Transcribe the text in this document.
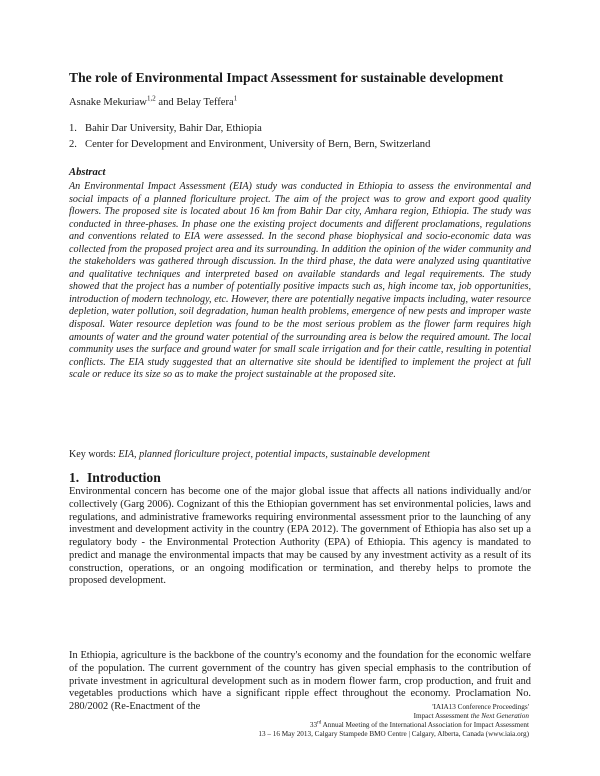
The role of Environmental Impact Assessment for sustainable development
Asnake Mekuriaw$^{1,2}$ and Belay Teffera$^1$
1. Bahir Dar University, Bahir Dar, Ethiopia
2. Center for Development and Environment, University of Bern, Bern, Switzerland
Abstract

An Environmental Impact Assessment (EIA) study was conducted in Ethiopia to assess the environmental and social impacts of a planned floriculture project. The aim of the project was to grow and export good quality flowers. The proposed site is located about 16 km from Bahir Dar city, Amhara region, Ethiopia. The study was conducted in three-phases. In phase one the existing project documents and different proclamations, regulations and conventions related to EIA were assessed. In the second phase biophysical and socio-economic data was collected from the proposed project area and its surrounding. In addition the opinion of the wider community and the stakeholders was gathered through discussion. In the third phase, the data were analyzed using quantitative and qualitative techniques and interpreted based on available standards and legal requirements. The study showed that the project has a number of potentially positive impacts such as, high income tax, job opportunities, introduction of modern technology, etc. However, there are potentially negative impacts including, water resource depletion, water pollution, soil degradation, human health problems, emergence of new pests and improper waste disposal. Water resource depletion was found to be the most serious problem as the flower farm requires high amounts of water and the ground water potential of the surrounding area is below the required amount. The local community uses the surface and ground water for small scale irrigation and for their cattle, resulting in potential conflicts. The EIA study suggested that an alternative site should be identified to implement the project at full scale or reduce its size so as to make the project sustainable at the proposed site.

Key words: EIA, planned floriculture project, potential impacts, sustainable development
1. Introduction

Environmental concern has become one of the major global issue that affects all nations individually and/or collectively (Garg 2006). Cognizant of this the Ethiopian government has set environmental policies, laws and regulations, and administrative frameworks requiring environmental assessment prior to the launching of any investment and development activity in the country (EPA 2012). The government of Ethiopia has also set up a regulatory body - the Environmental Protection Authority (EPA) of Ethiopia. This agency is mandated to predict and manage the environmental impacts that may be caused by any investment activity as a result of its construction, operations, or an ongoing modification or termination, and thereby helps to promote the proposed development.

In Ethiopia, agriculture is the backbone of the country's economy and the foundation for the economic welfare of the population. The current government of the country has given special emphasis to the contribution of private investment in agricultural development such as in modern flower farm, crop production, and fruit and vegetables productions which have a significant ripple effect throughout the economy. Proclamation No. 280/2002 (Re-Enactment of the	'IAIA13 Conference Proceedings'
Impact Assessment the Next Generation
33rd Annual Meeting of the International Association for Impact Assessment
13 – 16 May 2013, Calgary Stampede BMO Centre | Calgary, Alberta, Canada (www.iaia.org)
